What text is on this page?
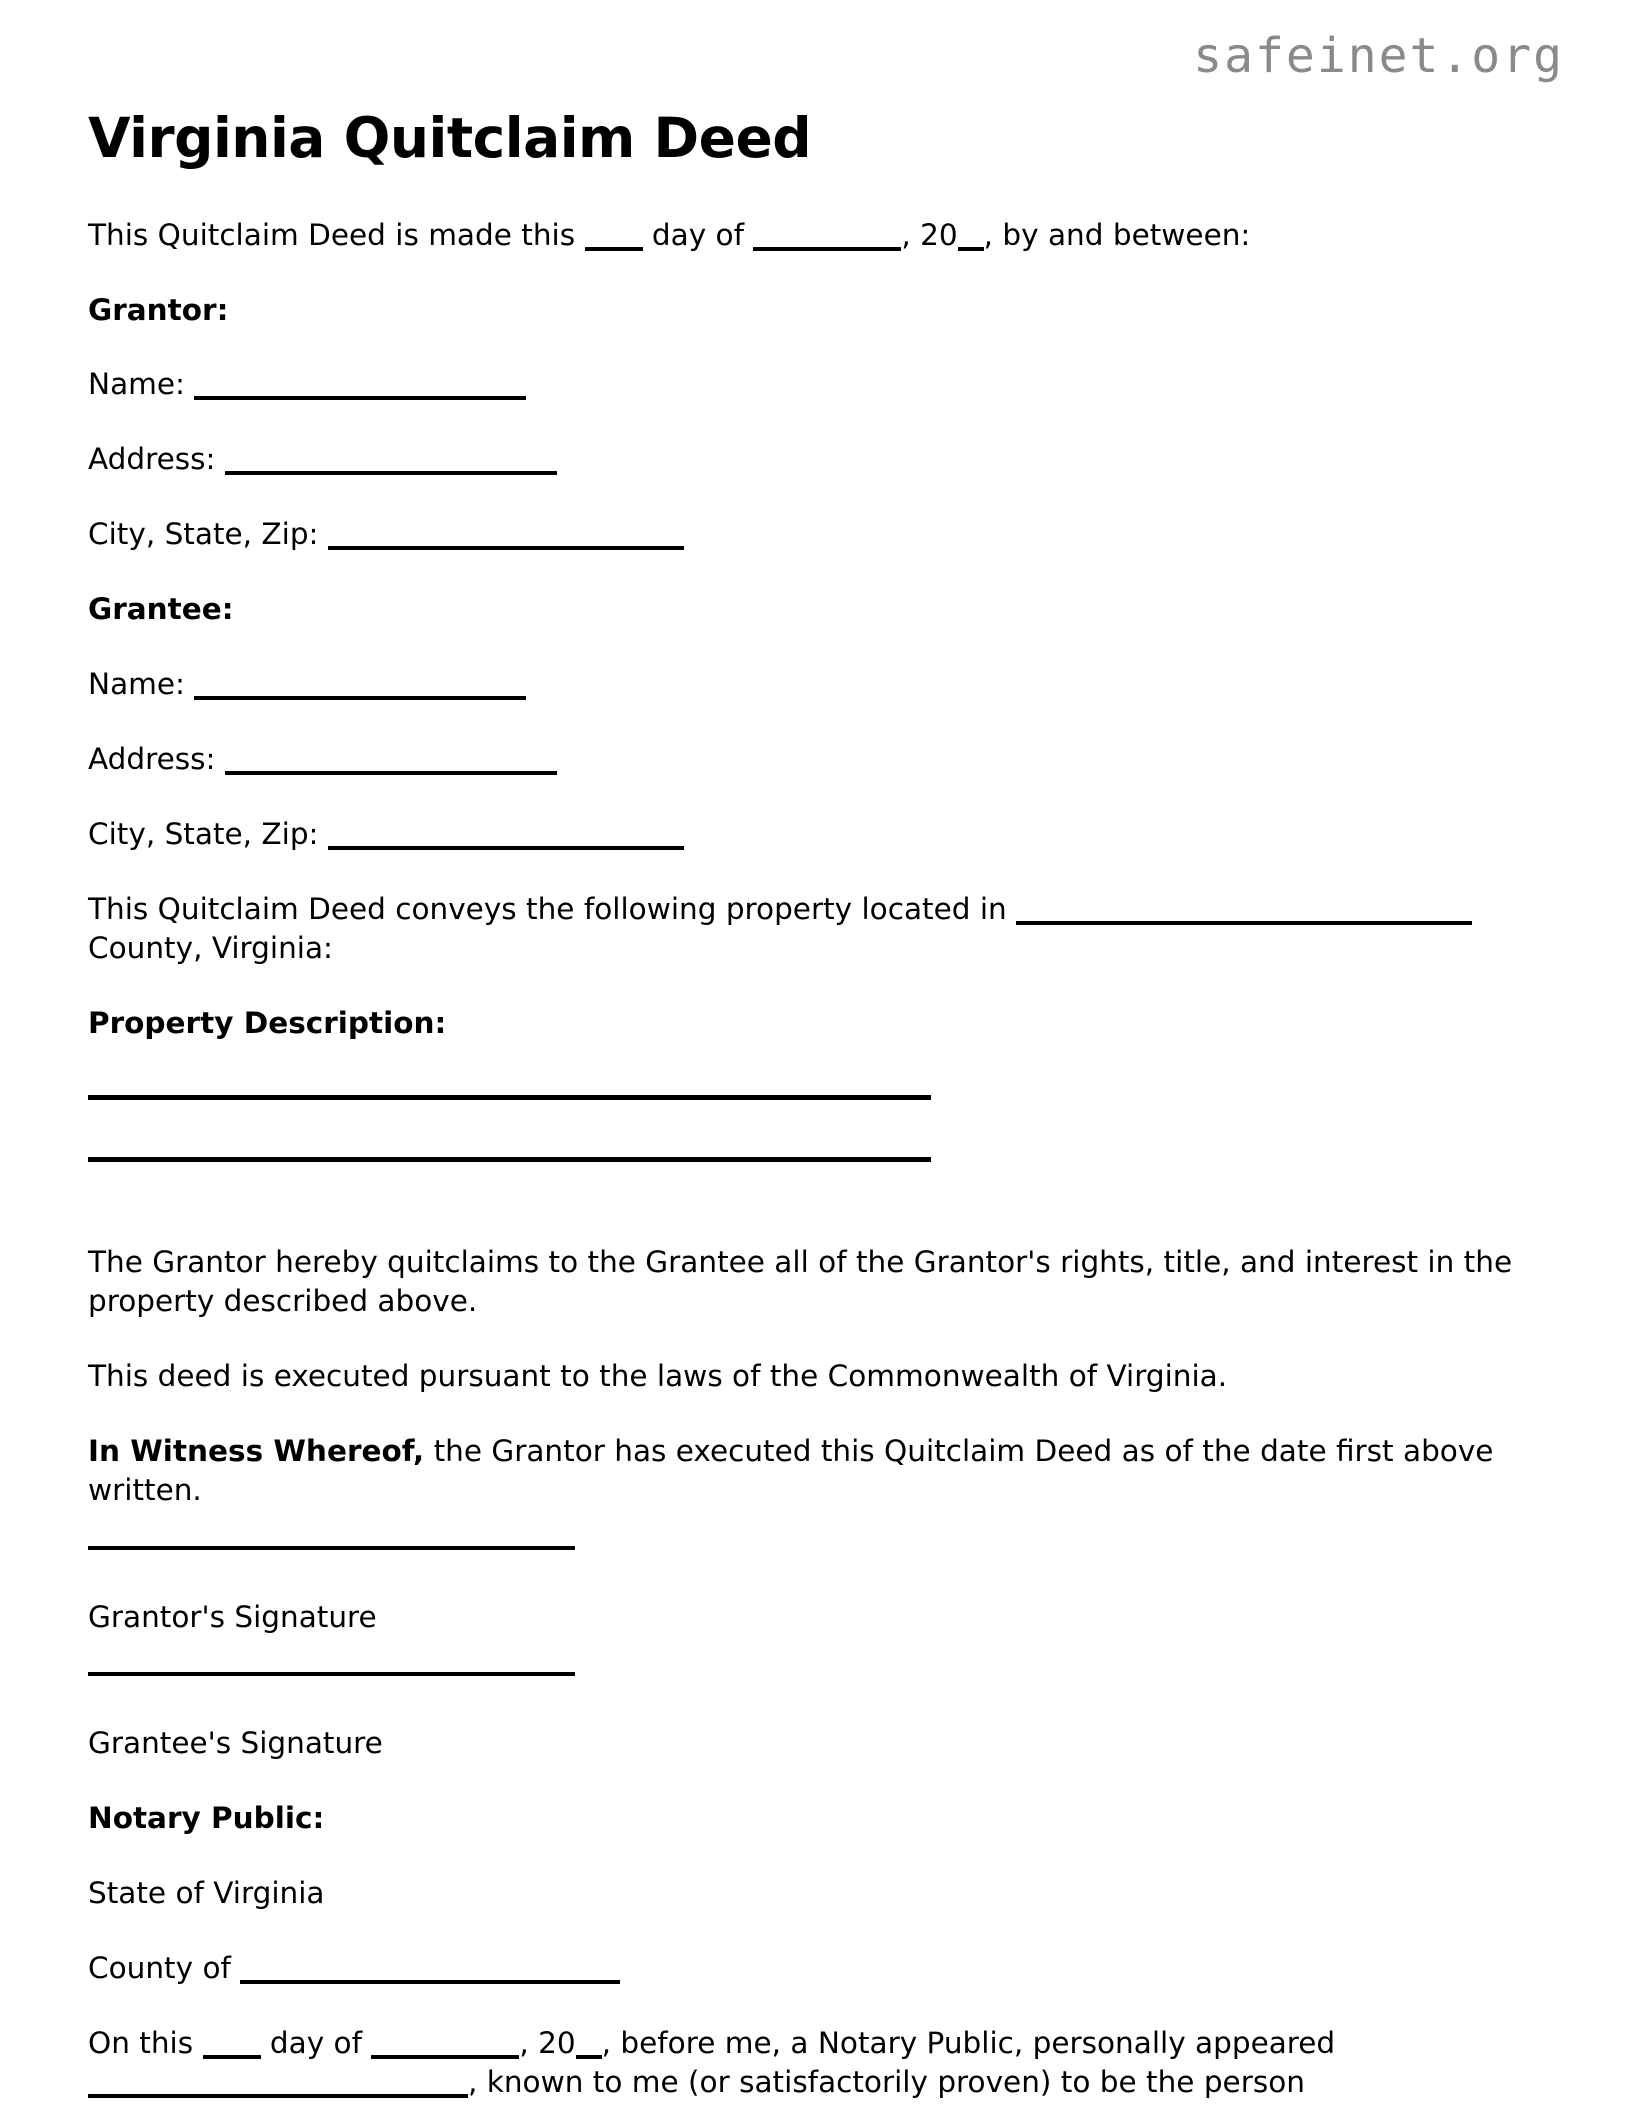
safeinet.org
Virginia Quitclaim Deed

This Quitclaim Deed is made this	day of	, 20 , by and between:

Grantor:

Name:

Address:

City, State, Zip:

Grantee:

Name:

Address:

City, State, Zip:

This Quitclaim Deed conveys the following property located in  County, Virginia:

Property Description:

The Grantor hereby quitclaims to the Grantee all of the Grantor's rights, title, and interest in the property described above.

This deed is executed pursuant to the laws of the Commonwealth of Virginia.

In Witness Whereof, the Grantor has executed this Quitclaim Deed as of the date first above written.

Grantor's Signature

Grantee's Signature

Notary Public:

State of Virginia

County of

On this	day of	, 20 , before me, a Notary Public, personally appeared , known to me (or satisfactorily proven) to be the person
